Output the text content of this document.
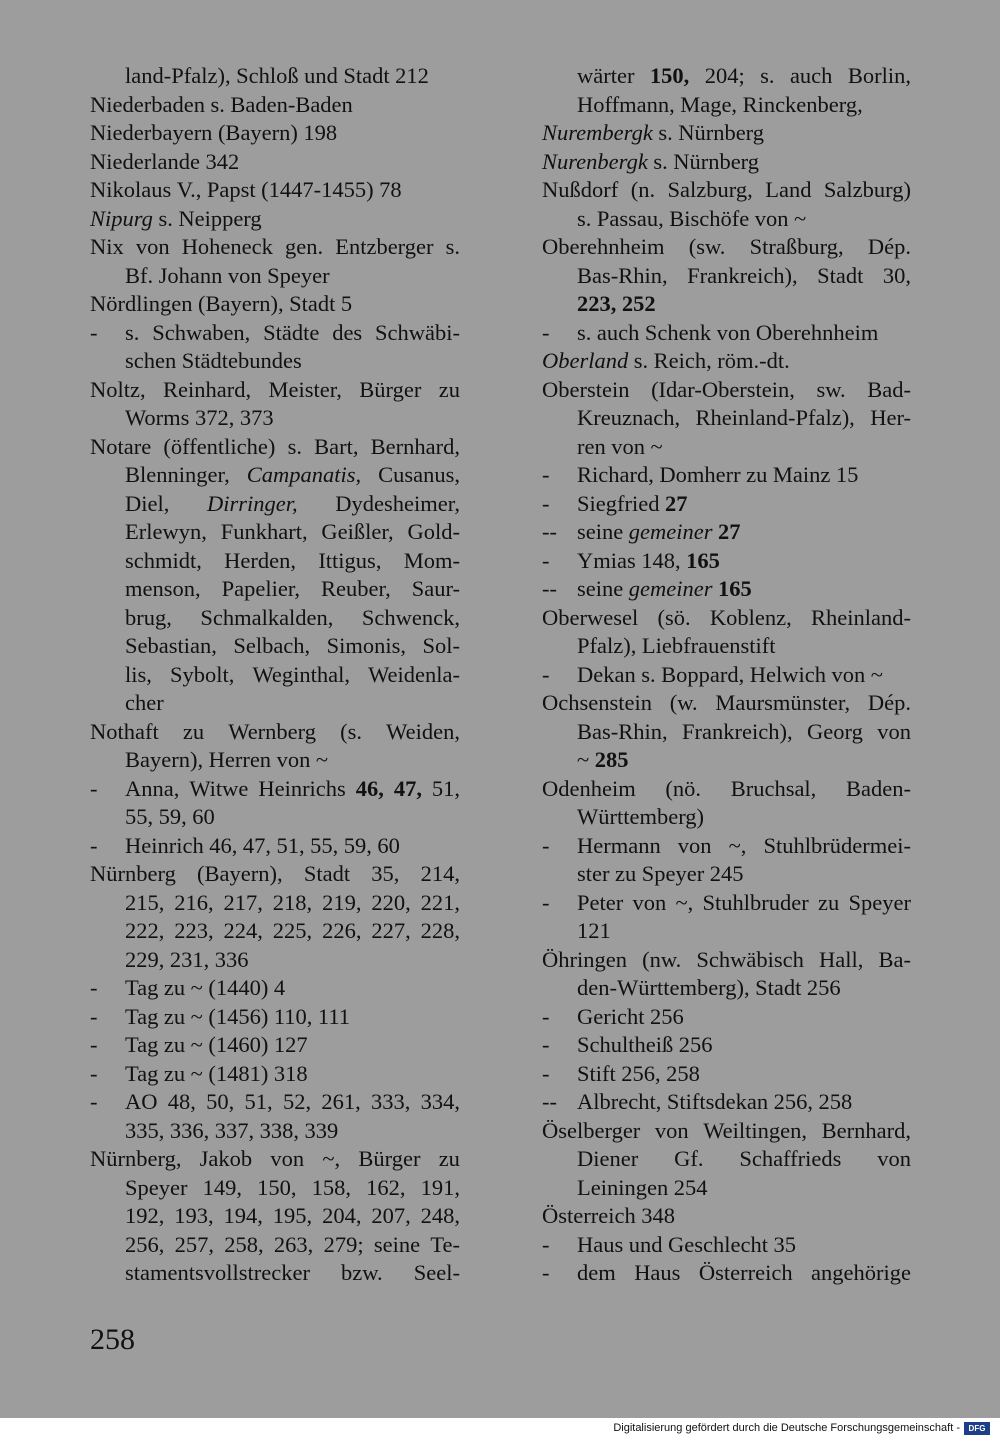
land-Pfalz), Schloß und Stadt 212
Niederbaden s. Baden-Baden
Niederbayern (Bayern) 198
Niederlande 342
Nikolaus V., Papst (1447-1455) 78
Nipurg s. Neipperg
Nix von Hoheneck gen. Entzberger s.
Bf. Johann von Speyer
Nördlingen (Bayern), Stadt 5
-	s. Schwaben, Städte des Schwäbi-
schen Städtebundes
Noltz, Reinhard, Meister, Bürger zu
Worms 372, 373
Notare (öffentliche) s. Bart, Bernhard,
Blenninger, Campanatis, Cusanus,
Diel, Dirringer, Dydesheimer,
Erlewyn, Funkhart, Geißler, Gold-
schmidt, Herden, Ittigus, Mom-
menson, Papelier, Reuber, Saur-
brug, Schmalkalden, Schwenck,
Sebastian, Selbach, Simonis, Sol-
lis, Sybolt, Weginthal, Weidenla-
cher
Nothaft zu Wernberg (s. Weiden,
Bayern), Herren von ~
-	Anna, Witwe Heinrichs 46, 47, 51,
55, 59, 60
-	Heinrich 46, 47, 51, 55, 59, 60
Nürnberg (Bayern), Stadt 35, 214,
215, 216, 217, 218, 219, 220, 221,
222, 223, 224, 225, 226, 227, 228,
229, 231, 336
-	Tag zu ~ (1440) 4
-	Tag zu ~ (1456) 110, 111
-	Tag zu ~ (1460) 127
-	Tag zu ~ (1481) 318
-	AO 48, 50, 51, 52, 261, 333, 334,
335, 336, 337, 338, 339
Nürnberg, Jakob von ~, Bürger zu
Speyer 149, 150, 158, 162, 191,
192, 193, 194, 195, 204, 207, 248,
256, 257, 258, 263, 279; seine Te-
stamentsvollstrecker bzw. Seel-
wärter 150, 204; s. auch Borlin,
Hoffmann, Mage, Rinckenberg,
Nurembergk s. Nürnberg
Nurenbergk s. Nürnberg
Nußdorf (n. Salzburg, Land Salzburg)
s. Passau, Bischöfe von ~
Oberehnheim (sw. Straßburg, Dép.
Bas-Rhin, Frankreich), Stadt 30,
223, 252
-	s. auch Schenk von Oberehnheim
Oberland s. Reich, röm.-dt.
Oberstein (Idar-Oberstein, sw. Bad-
Kreuznach, Rheinland-Pfalz), Her-
ren von ~
-	Richard, Domherr zu Mainz 15
-	Siegfried 27
-- seine gemeiner 27
-	Ymias 148, 165
-- seine gemeiner 165
Oberwesel (sö. Koblenz, Rheinland-
Pfalz), Liebfrauenstift
-	Dekan s. Boppard, Helwich von ~
Ochsenstein (w. Maursmünster, Dép.
Bas-Rhin, Frankreich), Georg von
~ 285
Odenheim (nö. Bruchsal, Baden-
Württemberg)
-	Hermann von ~, Stuhlbrüdermei-
ster zu Speyer 245
-	Peter von ~, Stuhlbruder zu Speyer
121
Öhringen (nw. Schwäbisch Hall, Ba-
den-Württemberg), Stadt 256
-	Gericht 256
-	Schultheiß 256
-	Stift 256, 258
-- Albrecht, Stiftsdekan 256, 258
Öselberger von Weiltingen, Bernhard,
Diener Gf. Schaffrieds von
Leiningen 254
Österreich 348
-	Haus und Geschlecht 35
-	dem Haus Österreich angehörige
258
Digitalisierung gefördert durch die Deutsche Forschungsgemeinschaft -	DFG
